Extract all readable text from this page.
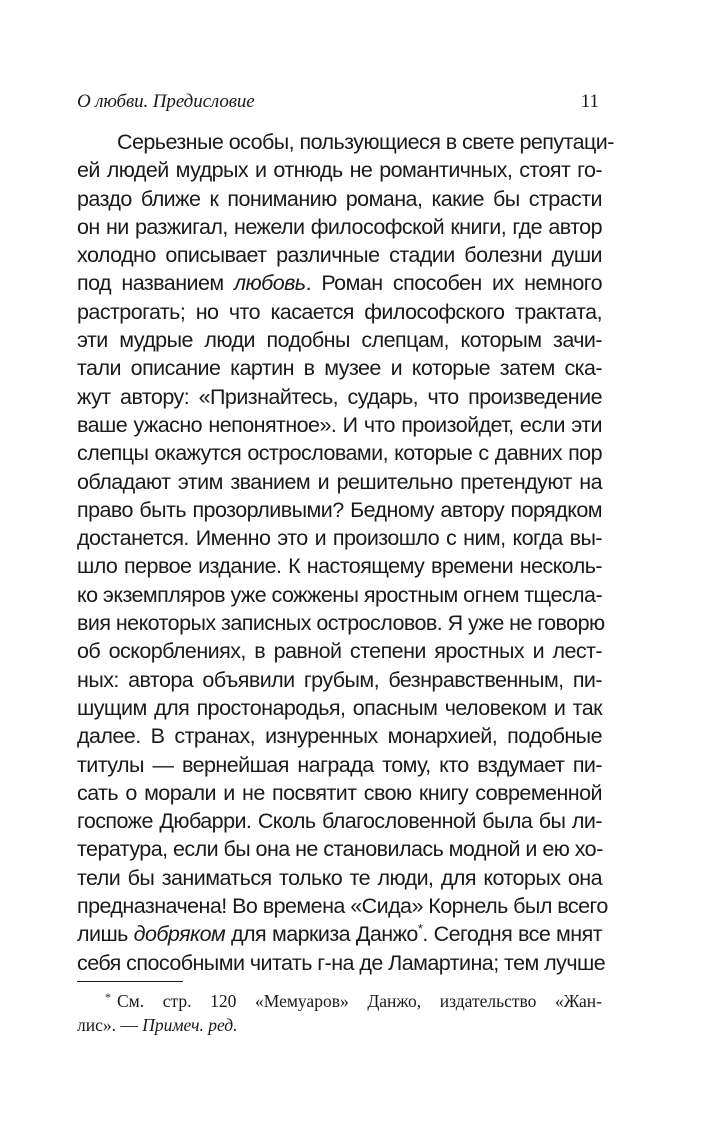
О любви. Предисловие	11
Серьезные особы, пользующиеся в свете репутаци-
ей людей мудрых и отнюдь не романтичных, стоят го-
раздо ближе к пониманию романа, какие бы страсти
он ни разжигал, нежели философской книги, где автор
холодно описывает различные стадии болезни души
под названием любовь. Роман способен их немного
растрогать; но что касается философского трактата,
эти мудрые люди подобны слепцам, которым зачи-
тали описание картин в музее и которые затем ска-
жут автору: «Признайтесь, сударь, что произведение
ваше ужасно непонятное». И что произойдет, если эти
слепцы окажутся острословами, которые с давних пор
обладают этим званием и решительно претендуют на
право быть прозорливыми? Бедному автору порядком
достанется. Именно это и произошло с ним, когда вы-
шло первое издание. К настоящему времени несколь-
ко экземпляров уже сожжены яростным огнем тщесла-
вия некоторых записных острословов. Я уже не говорю
об оскорблениях, в равной степени яростных и лест-
ных: автора объявили грубым, безнравственным, пи-
шущим для простонародья, опасным человеком и так
далее. В странах, изнуренных монархией, подобные
титулы — вернейшая награда тому, кто вздумает пи-
сать о морали и не посвятит свою книгу современной
госпоже Дюбарри. Сколь благословенной была бы ли-
тература, если бы она не становилась модной и ею хо-
тели бы заниматься только те люди, для которых она
предназначена! Во времена «Сида» Корнель был всего
лишь добряком для маркиза Данжо*. Сегодня все мнят
себя способными читать г-на де Ламартина; тем лучше
* См. стр. 120 «Мемуаров» Данжо, издательство «Жан-
лис». — Примеч. ред.
